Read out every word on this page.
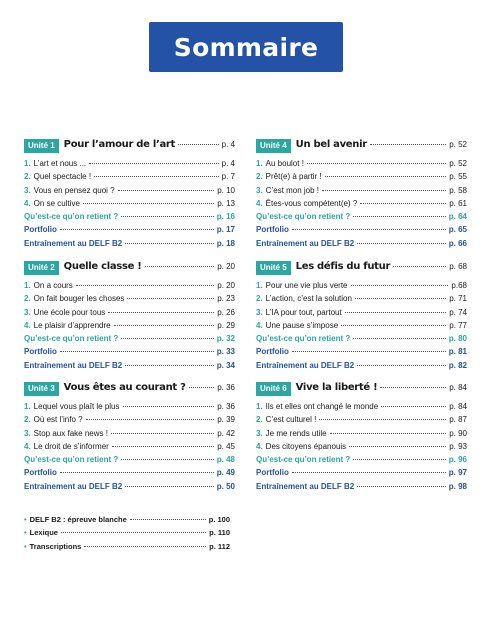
Sommaire
Unité 1 Pour l’amour de l’art	p. 4
1. L’art et nous ...	p. 4
2. Quel spectacle !	p. 7
3. Vous en pensez quoi ?	p. 10
4. On se cultive	p. 13
Qu’est-ce qu’on retient ?	p. 16
Portfolio	p. 17
Entraînement au DELF B2	p. 18
Unité 2 Quelle classe !	p. 20
1. On a cours	p. 20
2. On fait bouger les choses	p. 23
3. Une école pour tous	p. 26
4. Le plaisir d’apprendre	p. 29
Qu’est-ce qu’on retient ?	p. 32
Portfolio	p. 33
Entraînement au DELF B2	p. 34
Unité 3 Vous êtes au courant ?	p. 36
1. Lequel vous plaît le plus	p. 36
2. Où est l’info ?	p. 39
3. Stop aux fake news !	p. 42
4. Le droit de s’informer	p. 45
Qu’est-ce qu’on retient ?	p. 48
Portfolio	p. 49
Entraînement au DELF B2	p. 50
Unité 4 Un bel avenir	p. 52
1. Au boulot !	p. 52
2. Prêt(e) à partir !	p. 55
3. C’est mon job !	p. 58
4. Êtes-vous compétent(e) ?	p. 61
Qu’est-ce qu’on retient ?	p. 64
Portfolio	p. 65
Entraînement au DELF B2	p. 66
Unité 5 Les défis du futur	p. 68
1. Pour une vie plus verte	p.68
2. L’action, c’est la solution	p. 71
3. L’IA pour tout, partout	p. 74
4. Une pause s’impose	p. 77
Qu’est-ce qu’on retient ?	p. 80
Portfolio	p. 81
Entraînement au DELF B2	p. 82
Unité 6 Vive la liberté !	p. 84
1. Ils et elles ont changé le monde	p. 84
2. C’est culturel !	p. 87
3. Je me rends utile	p. 90
4. Des citoyens épanouis	p. 93
Qu’est-ce qu’on retient ?	p. 96
Portfolio	p. 97
Entraînement au DELF B2	p. 98
• DELF B2 : épreuve blanche	p. 100
• Lexique	p. 110
• Transcriptions	p. 112
